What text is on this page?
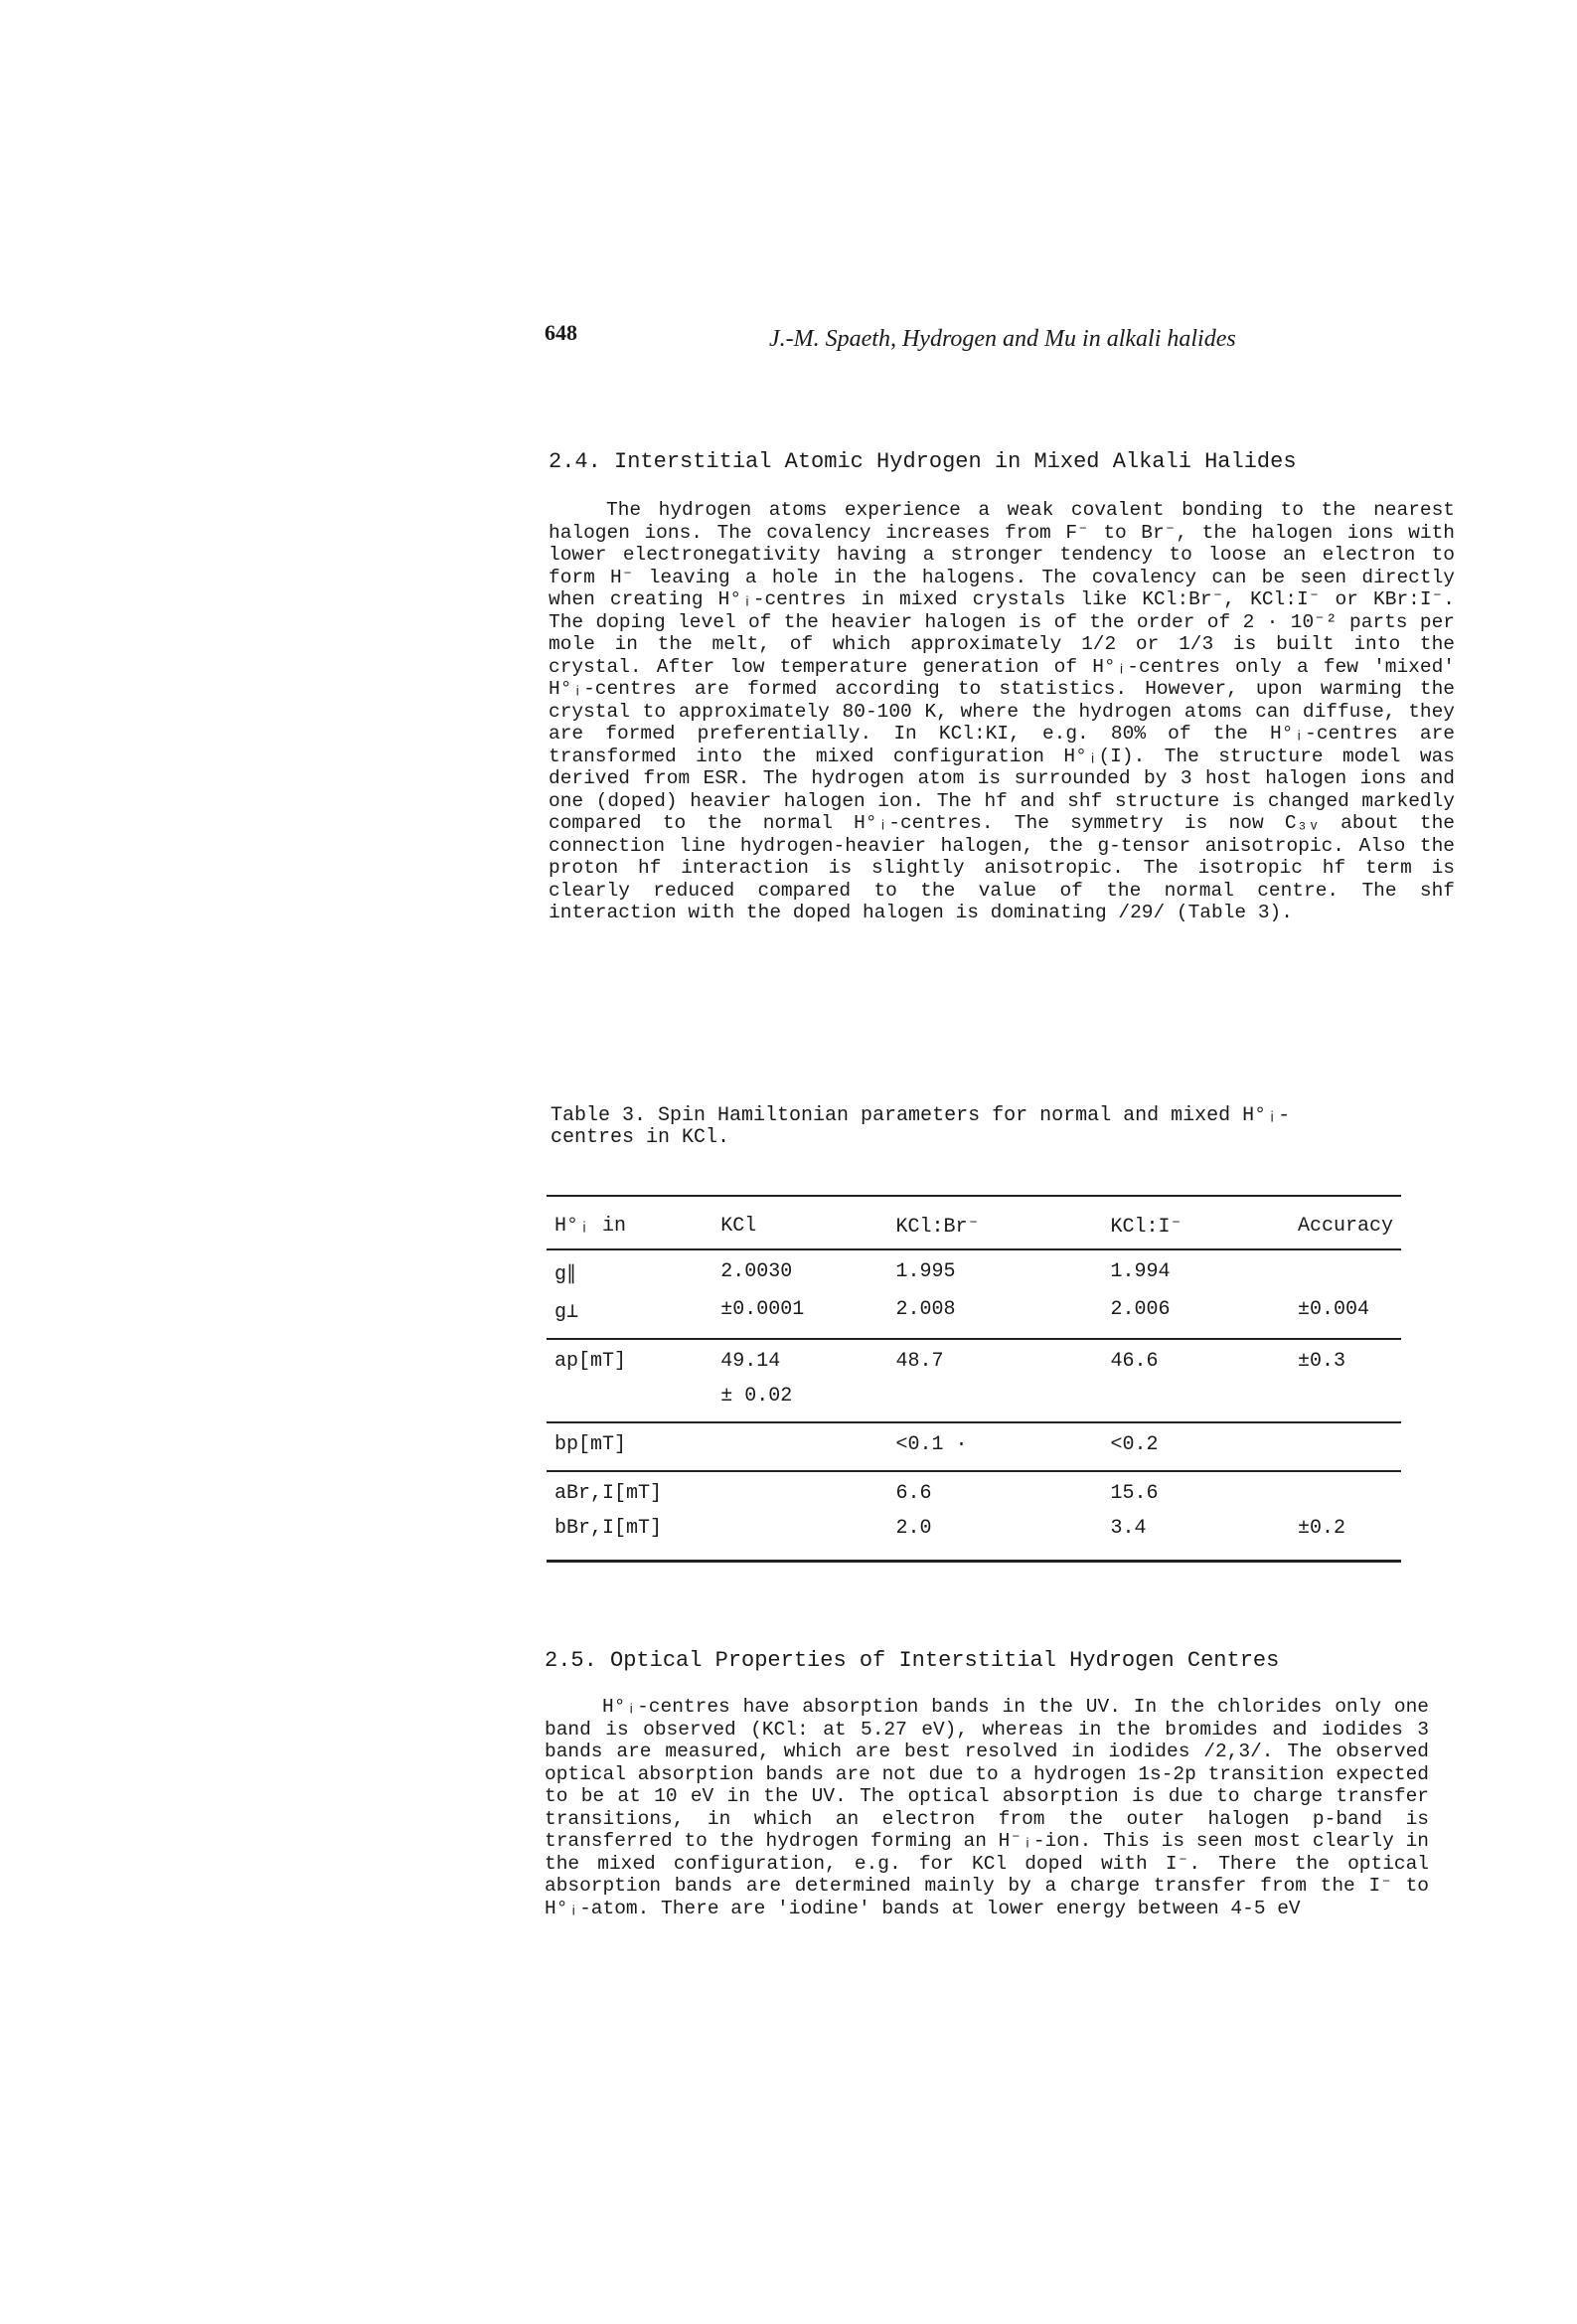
648	J.-M. Spaeth, Hydrogen and Mu in alkali halides
2.4. Interstitial Atomic Hydrogen in Mixed Alkali Halides

The hydrogen atoms experience a weak covalent bonding to the nearest halogen ions. The covalency increases from F⁻ to Br⁻, the halogen ions with lower electronegativity having a stronger tendency to loose an electron to form H⁻ leaving a hole in the halogens. The covalency can be seen directly when creating H°ᵢ-centres in mixed crystals like KCl:Br⁻, KCl:I⁻ or KBr:I⁻. The doping level of the heavier halogen is of the order of 2 · 10⁻² parts per mole in the melt, of which approximately 1/2 or 1/3 is built into the crystal. After low temperature generation of H°ᵢ-centres only a few 'mixed' H°ᵢ-centres are formed according to statistics. However, upon warming the crystal to approximately 80-100 K, where the hydrogen atoms can diffuse, they are formed preferentially. In KCl:KI, e.g. 80% of the H°ᵢ-centres are transformed into the mixed configuration H°ᵢ(I). The structure model was derived from ESR. The hydrogen atom is surrounded by 3 host halogen ions and one (doped) heavier halogen ion. The hf and shf structure is changed markedly compared to the normal H°ᵢ-centres. The symmetry is now C₃ᵥ about the connection line hydrogen-heavier halogen, the g-tensor anisotropic. Also the proton hf interaction is slightly anisotropic. The isotropic hf term is clearly reduced compared to the value of the normal centre. The shf interaction with the doped halogen is dominating /29/ (Table 3).

Table 3. Spin Hamiltonian parameters for normal and mixed H°ᵢ-centres in KCl.

H°ᵢ in	KCl	KCl:Br⁻	KCl:I⁻	Accuracy
g∥	2.0030	1.995	1.994	
g⊥	±0.0001	2.008	2.006	±0.004
ap[mT]	49.14	48.7	46.6	±0.3
	± 0.02			
bp[mT]		<0.1 ·	<0.2	
aBr,I[mT]		6.6	15.6	
bBr,I[mT]		2.0	3.4	±0.2
2.5. Optical Properties of Interstitial Hydrogen Centres

H°ᵢ-centres have absorption bands in the UV. In the chlorides only one band is observed (KCl: at 5.27 eV), whereas in the bromides and iodides 3 bands are measured, which are best resolved in iodides /2,3/. The observed optical absorption bands are not due to a hydrogen 1s-2p transition expected to be at 10 eV in the UV. The optical absorption is due to charge transfer transitions, in which an electron from the outer halogen p-band is transferred to the hydrogen forming an H⁻ᵢ-ion. This is seen most clearly in the mixed configuration, e.g. for KCl doped with I⁻. There the optical absorption bands are determined mainly by a charge transfer from the I⁻ to H°ᵢ-atom. There are 'iodine' bands at lower energy between 4-5 eV
